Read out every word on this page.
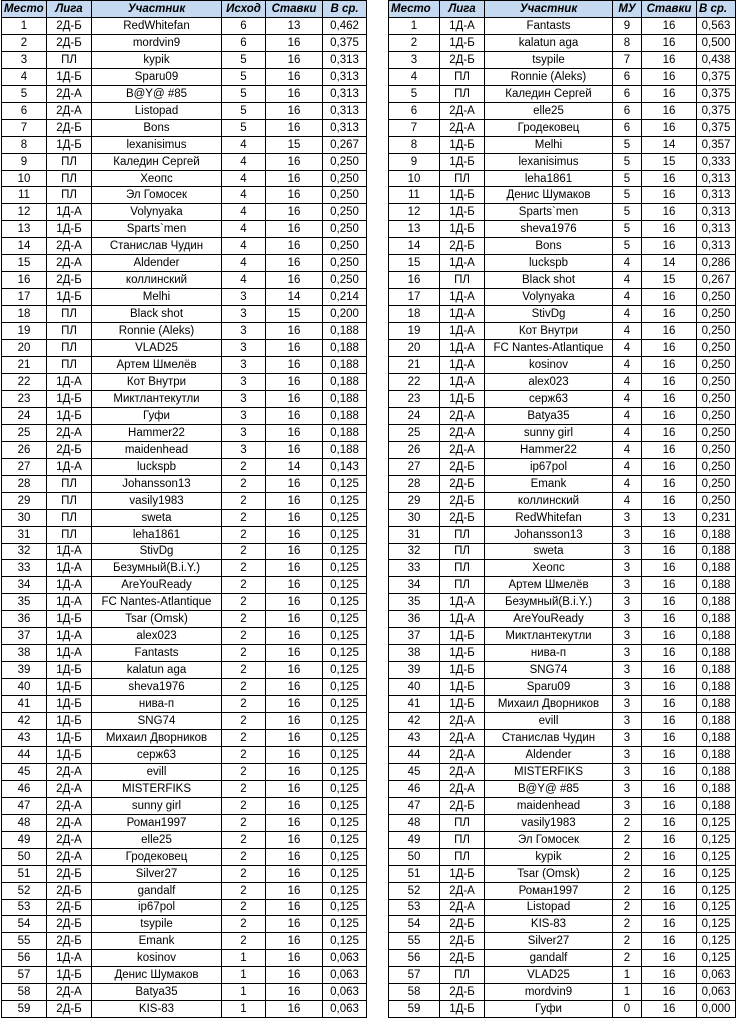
Место	Лига	Участник	Исход	Ставки	В ср.
1	2Д-Б	RedWhitefan	6	13	0,462
2	2Д-Б	mordvin9	6	16	0,375
3	ПЛ	kypik	5	16	0,313
4	1Д-Б	Sparu09	5	16	0,313
5	2Д-А	B@Y@ #85	5	16	0,313
6	2Д-А	Listopad	5	16	0,313
7	2Д-Б	Bons	5	16	0,313
8	1Д-Б	lexanisimus	4	15	0,267
9	ПЛ	Каледин Сергей	4	16	0,250
10	ПЛ	Хеопс	4	16	0,250
11	ПЛ	Эл Гомосек	4	16	0,250
12	1Д-А	Volynyaka	4	16	0,250
13	1Д-Б	Sparts`men	4	16	0,250
14	2Д-А	Станислав Чудин	4	16	0,250
15	2Д-А	Aldender	4	16	0,250
16	2Д-Б	коллинский	4	16	0,250
17	1Д-Б	Melhi	3	14	0,214
18	ПЛ	Black shot	3	15	0,200
19	ПЛ	Ronnie (Aleks)	3	16	0,188
20	ПЛ	VLAD25	3	16	0,188
21	ПЛ	Артем Шмелёв	3	16	0,188
22	1Д-А	Кот Внутри	3	16	0,188
23	1Д-Б	Миктлантекутли	3	16	0,188
24	1Д-Б	Гуфи	3	16	0,188
25	2Д-А	Hammer22	3	16	0,188
26	2Д-Б	maidenhead	3	16	0,188
27	1Д-А	luckspb	2	14	0,143
28	ПЛ	Johansson13	2	16	0,125
29	ПЛ	vasily1983	2	16	0,125
30	ПЛ	sweta	2	16	0,125
31	ПЛ	leha1861	2	16	0,125
32	1Д-А	StivDg	2	16	0,125
33	1Д-А	Безумный(B.i.Y.)	2	16	0,125
34	1Д-А	AreYouReady	2	16	0,125
35	1Д-А	FC Nantes-Atlantique	2	16	0,125
36	1Д-Б	Tsar (Omsk)	2	16	0,125
37	1Д-А	alex023	2	16	0,125
38	1Д-А	Fantasts	2	16	0,125
39	1Д-Б	kalatun aga	2	16	0,125
40	1Д-Б	sheva1976	2	16	0,125
41	1Д-Б	нива-п	2	16	0,125
42	1Д-Б	SNG74	2	16	0,125
43	1Д-Б	Михаил Дворников	2	16	0,125
44	1Д-Б	серж63	2	16	0,125
45	2Д-А	evill	2	16	0,125
46	2Д-А	MISTERFIKS	2	16	0,125
47	2Д-А	sunny girl	2	16	0,125
48	2Д-А	Роман1997	2	16	0,125
49	2Д-А	elle25	2	16	0,125
50	2Д-А	Гродековец	2	16	0,125
51	2Д-Б	Silver27	2	16	0,125
52	2Д-Б	gandalf	2	16	0,125
53	2Д-Б	ip67pol	2	16	0,125
54	2Д-Б	tsypile	2	16	0,125
55	2Д-Б	Emank	2	16	0,125
56	1Д-А	kosinov	1	16	0,063
57	1Д-Б	Денис Шумаков	1	16	0,063
58	2Д-А	Batya35	1	16	0,063
59	2Д-Б	KIS-83	1	16	0,063
Место	Лига	Участник	МУ	Ставки	В ср.
1	1Д-А	Fantasts	9	16	0,563
2	1Д-Б	kalatun aga	8	16	0,500
3	2Д-Б	tsypile	7	16	0,438
4	ПЛ	Ronnie (Aleks)	6	16	0,375
5	ПЛ	Каледин Сергей	6	16	0,375
6	2Д-А	elle25	6	16	0,375
7	2Д-А	Гродековец	6	16	0,375
8	1Д-Б	Melhi	5	14	0,357
9	1Д-Б	lexanisimus	5	15	0,333
10	ПЛ	leha1861	5	16	0,313
11	1Д-Б	Денис Шумаков	5	16	0,313
12	1Д-Б	Sparts`men	5	16	0,313
13	1Д-Б	sheva1976	5	16	0,313
14	2Д-Б	Bons	5	16	0,313
15	1Д-А	luckspb	4	14	0,286
16	ПЛ	Black shot	4	15	0,267
17	1Д-А	Volynyaka	4	16	0,250
18	1Д-А	StivDg	4	16	0,250
19	1Д-А	Кот Внутри	4	16	0,250
20	1Д-А	FC Nantes-Atlantique	4	16	0,250
21	1Д-А	kosinov	4	16	0,250
22	1Д-А	alex023	4	16	0,250
23	1Д-Б	серж63	4	16	0,250
24	2Д-А	Batya35	4	16	0,250
25	2Д-А	sunny girl	4	16	0,250
26	2Д-А	Hammer22	4	16	0,250
27	2Д-Б	ip67pol	4	16	0,250
28	2Д-Б	Emank	4	16	0,250
29	2Д-Б	коллинский	4	16	0,250
30	2Д-Б	RedWhitefan	3	13	0,231
31	ПЛ	Johansson13	3	16	0,188
32	ПЛ	sweta	3	16	0,188
33	ПЛ	Хеопс	3	16	0,188
34	ПЛ	Артем Шмелёв	3	16	0,188
35	1Д-А	Безумный(B.i.Y.)	3	16	0,188
36	1Д-А	AreYouReady	3	16	0,188
37	1Д-Б	Миктлантекутли	3	16	0,188
38	1Д-Б	нива-п	3	16	0,188
39	1Д-Б	SNG74	3	16	0,188
40	1Д-Б	Sparu09	3	16	0,188
41	1Д-Б	Михаил Дворников	3	16	0,188
42	2Д-А	evill	3	16	0,188
43	2Д-А	Станислав Чудин	3	16	0,188
44	2Д-А	Aldender	3	16	0,188
45	2Д-А	MISTERFIKS	3	16	0,188
46	2Д-А	B@Y@ #85	3	16	0,188
47	2Д-Б	maidenhead	3	16	0,188
48	ПЛ	vasily1983	2	16	0,125
49	ПЛ	Эл Гомосек	2	16	0,125
50	ПЛ	kypik	2	16	0,125
51	1Д-Б	Tsar (Omsk)	2	16	0,125
52	2Д-А	Роман1997	2	16	0,125
53	2Д-А	Listopad	2	16	0,125
54	2Д-Б	KIS-83	2	16	0,125
55	2Д-Б	Silver27	2	16	0,125
56	2Д-Б	gandalf	2	16	0,125
57	ПЛ	VLAD25	1	16	0,063
58	2Д-Б	mordvin9	1	16	0,063
59	1Д-Б	Гуфи	0	16	0,000
